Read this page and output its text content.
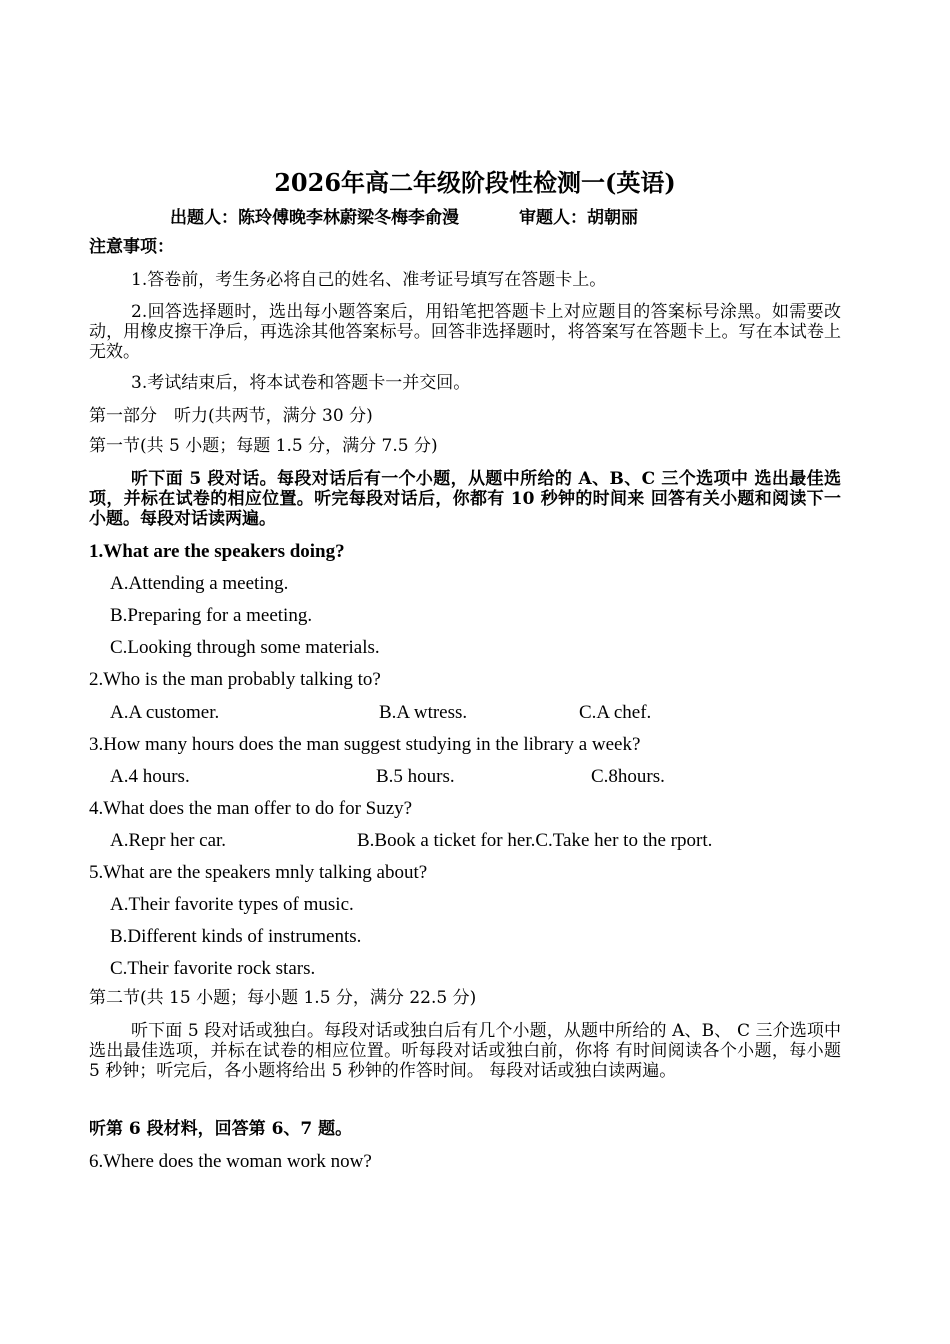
2026年高二年级阶段性检测一(英语)
出题人：陈玲傅晚李林蔚梁冬梅李俞漫	审题人：胡朝丽
注意事项：
1.答卷前，考生务必将自己的姓名、准考证号填写在答题卡上。
2.回答选择题时，选出每小题答案后，用铅笔把答题卡上对应题目的答案标号涂黑。如需要改动，用橡皮擦干净后，再选涂其他答案标号。回答非选择题时，将答案写在答题卡上。写在本试卷上无效。
3.考试结束后，将本试卷和答题卡一并交回。
第一部分　听力(共两节，满分 30 分)
第一节(共 5 小题；每题 1.5 分，满分 7.5 分)
听下面 5 段对话。每段对话后有一个小题，从题中所给的 A、B、C 三个选项中 选出最佳选项，并标在试卷的相应位置。听完每段对话后，你都有 10 秒钟的时间来 回答有关小题和阅读下一小题。每段对话读两遍。
1.What are the speakers doing?
A.Attending a meeting.
B.Preparing for a meeting.
C.Looking through some materials.
2.Who is the man probably talking to?
A.A customer.	B.A wtress.	C.A chef.
3.How many hours does the man suggest studying in the library a week?
A.4 hours.	B.5 hours.	C.8hours.
4.What does the man offer to do for Suzy?
A.Repr her car.	B.Book a ticket for her.C.Take her to the rport.
5.What are the speakers mnly talking about?
A.Their favorite types of music.
B.Different kinds of instruments.
C.Their favorite rock stars.
第二节(共 15 小题；每小题 1.5 分，满分 22.5 分)
听下面 5 段对话或独白。每段对话或独白后有几个小题，从题中所给的 A、B、 C 三介选项中选出最佳选项，并标在试卷的相应位置。听每段对话或独白前，你将 有时间阅读各个小题，每小题 5 秒钟；听完后，各小题将给出 5 秒钟的作答时间。 每段对话或独白读两遍。
听第 6 段材料，回答第 6、7 题。
6.Where does the woman work now?
